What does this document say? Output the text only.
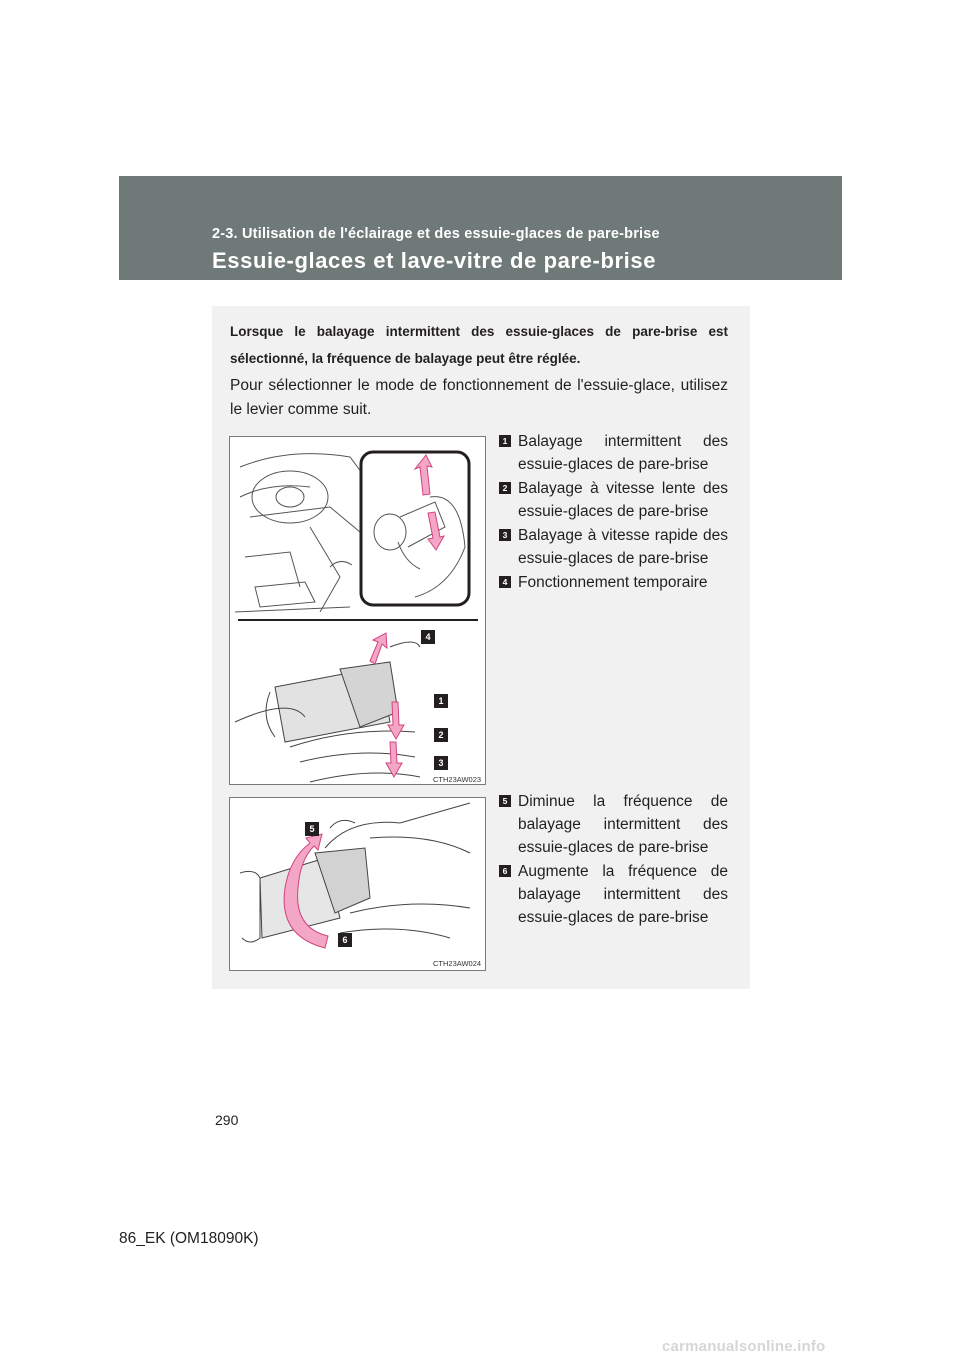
2-3. Utilisation de l'éclairage et des essuie-glaces de pare-brise
Essuie-glaces et lave-vitre de pare-brise
Lorsque le balayage intermittent des essuie-glaces de pare-brise est sélectionné, la fréquence de balayage peut être réglée.
Pour sélectionner le mode de fonctionnement de l'essuie-glace, utilisez le levier comme suit.
4
1
2
3
CTH23AW023
1 Balayage intermittent des essuie-glaces de pare-brise
2 Balayage à vitesse lente des essuie-glaces de pare-brise
3 Balayage à vitesse rapide des essuie-glaces de pare-brise
4 Fonctionnement temporaire
5
6
CTH23AW024
5 Diminue la fréquence de balayage intermittent des essuie-glaces de pare-brise
6 Augmente la fréquence de balayage intermittent des essuie-glaces de pare-brise
290
86_EK (OM18090K)
carmanualsonline.info
